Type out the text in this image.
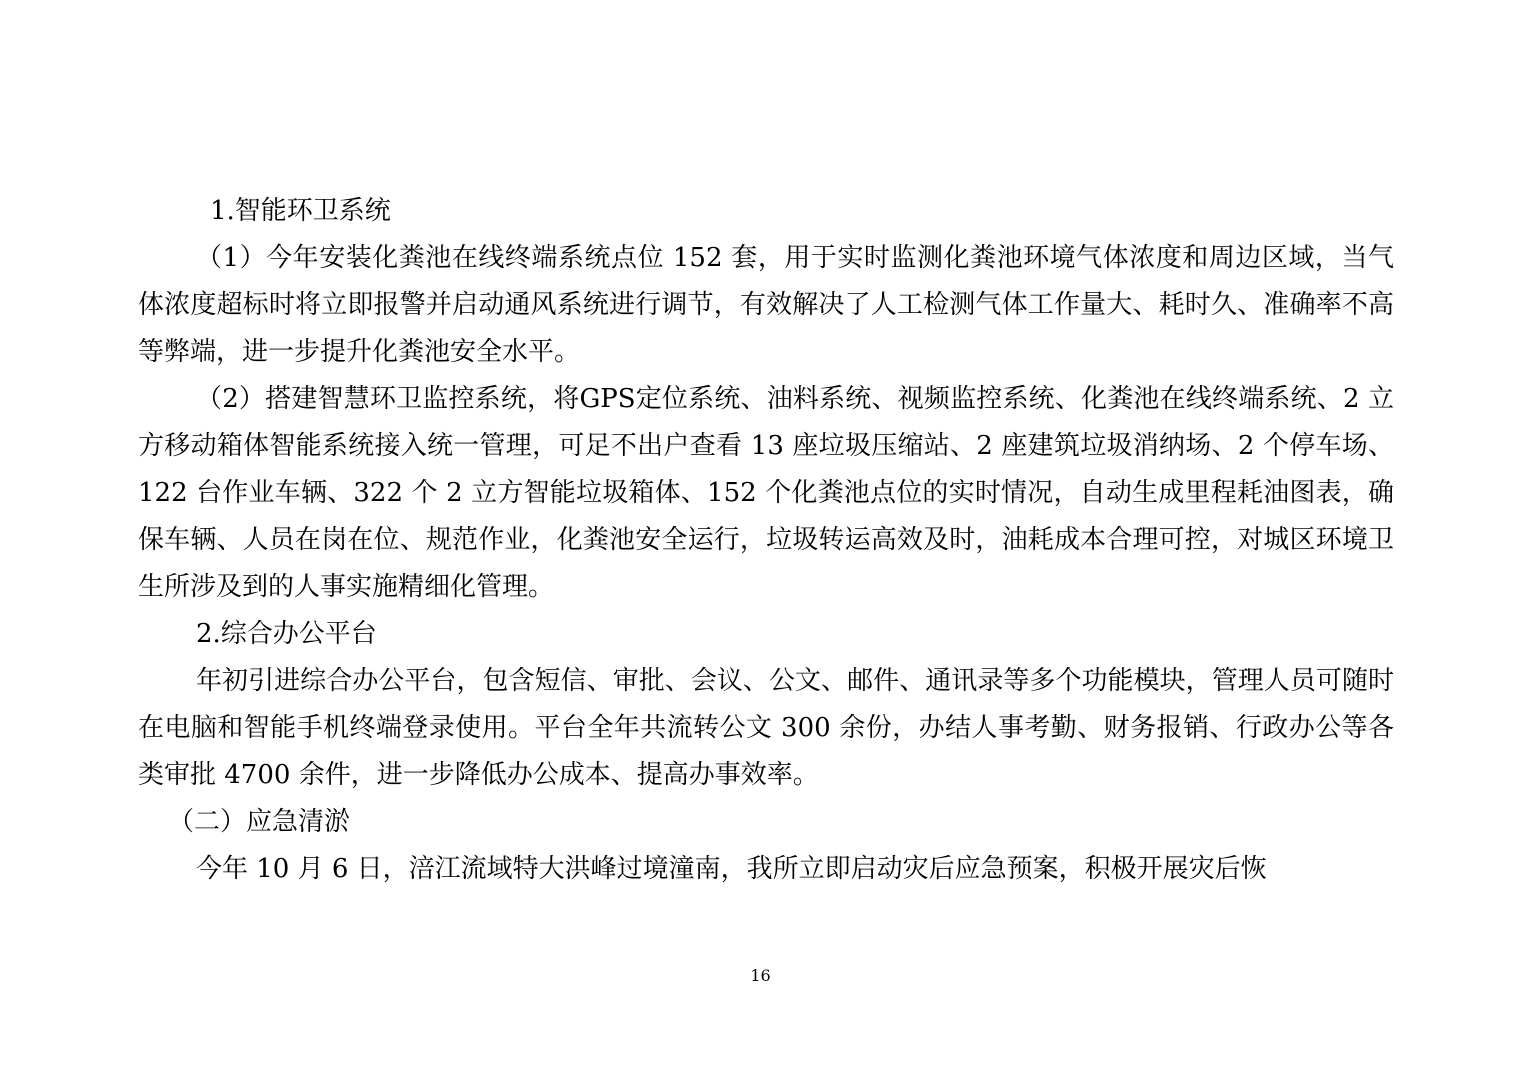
1.智能环卫系统

（1）今年安装化粪池在线终端系统点位 152 套，用于实时监测化粪池环境气体浓度和周边区域，当气体浓度超标时将立即报警并启动通风系统进行调节，有效解决了人工检测气体工作量大、耗时久、准确率不高等弊端，进一步提升化粪池安全水平。

（2）搭建智慧环卫监控系统，将GPS定位系统、油料系统、视频监控系统、化粪池在线终端系统、2 立方移动箱体智能系统接入统一管理，可足不出户查看 13 座垃圾压缩站、2 座建筑垃圾消纳场、2 个停车场、122 台作业车辆、322 个 2 立方智能垃圾箱体、152 个化粪池点位的实时情况，自动生成里程耗油图表，确保车辆、人员在岗在位、规范作业，化粪池安全运行，垃圾转运高效及时，油耗成本合理可控，对城区环境卫生所涉及到的人事实施精细化管理。

2.综合办公平台

年初引进综合办公平台，包含短信、审批、会议、公文、邮件、通讯录等多个功能模块，管理人员可随时在电脑和智能手机终端登录使用。平台全年共流转公文 300 余份，办结人事考勤、财务报销、行政办公等各类审批 4700 余件，进一步降低办公成本、提高办事效率。

（二）应急清淤

今年 10 月 6 日，涪江流域特大洪峰过境潼南，我所立即启动灾后应急预案，积极开展灾后恢

16
